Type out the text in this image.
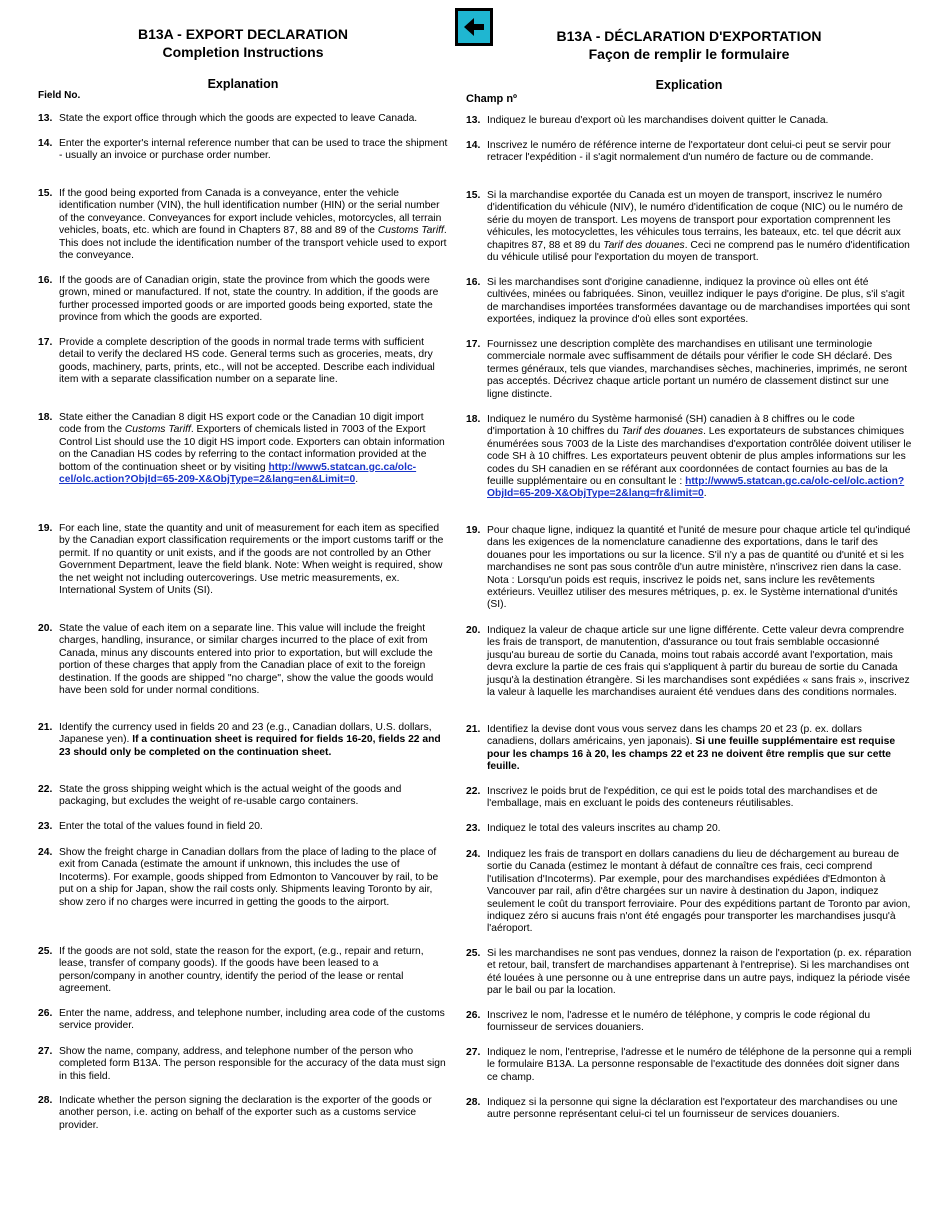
B13A - EXPORT DECLARATION
Completion Instructions
Explanation
Field No.
13. State the export office through which the goods are expected to leave Canada.
14. Enter the exporter's internal reference number that can be used to trace the shipment - usually an invoice or purchase order number.
15. If the good being exported from Canada is a conveyance, enter the vehicle identification number (VIN), the hull identification number (HIN) or the serial number of the conveyance. Conveyances for export include vehicles, motorcycles, all terrain vehicles, boats, etc. which are found in Chapters 87, 88 and 89 of the Customs Tariff. This does not include the identification number of the transport vehicle used to export the conveyance.
16. If the goods are of Canadian origin, state the province from which the goods were grown, mined or manufactured. If not, state the country. In addition, if the goods are further processed imported goods or are imported goods being exported, state the province from which the goods are exported.
17. Provide a complete description of the goods in normal trade terms with sufficient detail to verify the declared HS code. General terms such as groceries, meats, dry goods, machinery, parts, prints, etc., will not be accepted. Describe each individual item with a separate classification number on a separate line.
18. State either the Canadian 8 digit HS export code or the Canadian 10 digit import code from the Customs Tariff. Exporters of chemicals listed in 7003 of the Export Control List should use the 10 digit HS import code. Exporters can obtain information on the Canadian HS codes by referring to the contact information provided at the bottom of the continuation sheet or by visiting http://www5.statcan.gc.ca/olc-cel/olc.action?ObjId=65-209-X&ObjType=2&lang=en&Limit=0.
19. For each line, state the quantity and unit of measurement for each item as specified by the Canadian export classification requirements or the import customs tariff or the permit. If no quantity or unit exists, and if the goods are not controlled by an Other Government Department, leave the field blank. Note: When weight is required, show the net weight not including outercoverings. Use metric measurements, ex. International System of Units (SI).
20. State the value of each item on a separate line. This value will include the freight charges, handling, insurance, or similar charges incurred to the place of exit from Canada, minus any discounts entered into prior to exportation, but will exclude the portion of these charges that apply from the Canadian place of exit to the foreign destination. If the goods are shipped "no charge", show the value the goods would have been sold for under normal conditions.
21. Identify the currency used in fields 20 and 23 (e.g., Canadian dollars, U.S. dollars, Japanese yen). If a continuation sheet is required for fields 16-20, fields 22 and 23 should only be completed on the continuation sheet.
22. State the gross shipping weight which is the actual weight of the goods and packaging, but excludes the weight of re-usable cargo containers.
23. Enter the total of the values found in field 20.
24. Show the freight charge in Canadian dollars from the place of lading to the place of exit from Canada (estimate the amount if unknown, this includes the use of Incoterms). For example, goods shipped from Edmonton to Vancouver by rail, to be put on a ship for Japan, show the rail costs only. Shipments leaving Toronto by air, show zero if no charges were incurred in getting the goods to the airport.
25. If the goods are not sold, state the reason for the export, (e.g., repair and return, lease, transfer of company goods). If the goods have been leased to a person/company in another country, identify the period of the lease or rental agreement.
26. Enter the name, address, and telephone number, including area code of the customs service provider.
27. Show the name, company, address, and telephone number of the person who completed form B13A. The person responsible for the accuracy of the data must sign in this field.
28. Indicate whether the person signing the declaration is the exporter of the goods or another person, i.e. acting on behalf of the exporter such as a customs service provider.
B13A - DÉCLARATION D'EXPORTATION
Façon de remplir le formulaire
Explication
Champ nº
13. Indiquez le bureau d'export où les marchandises doivent quitter le Canada.
14. Inscrivez le numéro de référence interne de l'exportateur dont celui-ci peut se servir pour retracer l'expédition - il s'agit normalement d'un numéro de facture ou de commande.
15. Si la marchandise exportée du Canada est un moyen de transport, inscrivez le numéro d'identification du véhicule (NIV), le numéro d'identification de coque (NIC) ou le numéro de série du moyen de transport. Les moyens de transport pour exportation comprennent les véhicules, les motocyclettes, les véhicules tous terrains, les bateaux, etc. tel que décrit aux chapitres 87, 88 et 89 du Tarif des douanes. Ceci ne comprend pas le numéro d'identification du véhicule utilisé pour l'exportation du moyen de transport.
16. Si les marchandises sont d'origine canadienne, indiquez la province où elles ont été cultivées, minées ou fabriquées. Sinon, veuillez indiquer le pays d'origine. De plus, s'il s'agit de marchandises importées transformées davantage ou de marchandises importées qui sont exportées, indiquez la province d'où elles sont exportées.
17. Fournissez une description complète des marchandises en utilisant une terminologie commerciale normale avec suffisamment de détails pour vérifier le code SH déclaré. Des termes généraux, tels que viandes, marchandises sèches, machineries, imprimés, ne seront pas acceptés. Décrivez chaque article portant un numéro de classement distinct sur une ligne distincte.
18. Indiquez le numéro du Système harmonisé (SH) canadien à 8 chiffres ou le code d'importation à 10 chiffres du Tarif des douanes. Les exportateurs de substances chimiques énumérées sous 7003 de la Liste des marchandises d'exportation contrôlée doivent utiliser le code SH à 10 chiffres. Les exportateurs peuvent obtenir de plus amples informations sur les codes du SH canadien en se référant aux coordonnées de contact fournies au bas de la feuille supplémentaire ou en consultant le : http://www5.statcan.gc.ca/olc-cel/olc.action?ObjId=65-209-X&ObjType=2&lang=fr&limit=0.
19. Pour chaque ligne, indiquez la quantité et l'unité de mesure pour chaque article tel qu'indiqué dans les exigences de la nomenclature canadienne des exportations, dans le tarif des douanes pour les importations ou sur la licence. S'il n'y a pas de quantité ou d'unité et si les marchandises ne sont pas sous contrôle d'un autre ministère, n'inscrivez rien dans la case. Nota : Lorsqu'un poids est requis, inscrivez le poids net, sans inclure les revêtements extérieurs. Veuillez utiliser des mesures métriques, p. ex. le Système international d'unités (SI).
20. Indiquez la valeur de chaque article sur une ligne différente. Cette valeur devra comprendre les frais de transport, de manutention, d'assurance ou tout frais semblable occasionné jusqu'au bureau de sortie du Canada, moins tout rabais accordé avant l'exportation, mais devra exclure la partie de ces frais qui s'appliquent à partir du bureau de sortie du Canada jusqu'à la destination étrangère. Si les marchandises sont expédiées « sans frais », inscrivez la valeur à laquelle les marchandises auraient été vendues dans des conditions normales.
21. Identifiez la devise dont vous vous servez dans les champs 20 et 23 (p. ex. dollars canadiens, dollars américains, yen japonais). Si une feuille supplémentaire est requise pour les champs 16 à 20, les champs 22 et 23 ne doivent être remplis que sur cette feuille.
22. Inscrivez le poids brut de l'expédition, ce qui est le poids total des marchandises et de l'emballage, mais en excluant le poids des conteneurs réutilisables.
23. Indiquez le total des valeurs inscrites au champ 20.
24. Indiquez les frais de transport en dollars canadiens du lieu de déchargement au bureau de sortie du Canada (estimez le montant à défaut de connaître ces frais, ceci comprend l'utilisation d'Incoterms). Par exemple, pour des marchandises expédiées d'Edmonton à Vancouver par rail, afin d'être chargées sur un navire à destination du Japon, indiquez seulement le coût du transport ferroviaire. Pour des expéditions partant de Toronto par avion, indiquez zéro si aucuns frais n'ont été engagés pour transporter les marchandises jusqu'à l'aéroport.
25. Si les marchandises ne sont pas vendues, donnez la raison de l'exportation (p. ex. réparation et retour, bail, transfert de marchandises appartenant à l'entreprise). Si les marchandises ont été louées à une personne ou à une entreprise dans un autre pays, indiquez la période visée par le bail ou par la location.
26. Inscrivez le nom, l'adresse et le numéro de téléphone, y compris le code régional du fournisseur de services douaniers.
27. Indiquez le nom, l'entreprise, l'adresse et le numéro de téléphone de la personne qui a rempli le formulaire B13A. La personne responsable de l'exactitude des données doit signer dans ce champ.
28. Indiquez si la personne qui signe la déclaration est l'exportateur des marchandises ou une autre personne représentant celui-ci tel un fournisseur de services douaniers.
